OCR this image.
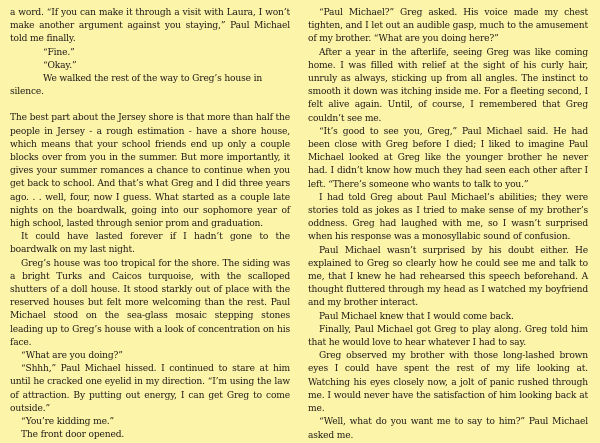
a word. “If you can make it through a visit with Laura, I won’t make another argument against you staying,” Paul Michael told me finally.

“Fine.”

“Okay.”

We walked the rest of the way to Greg’s house in silence.

The best part about the Jersey shore is that more than half the people in Jersey - a rough estimation - have a shore house, which means that your school friends end up only a couple blocks over from you in the summer. But more importantly, it gives your summer romances a chance to continue when you get back to school. And that’s what Greg and I did three years ago. . . well, four, now I guess. What started as a couple late nights on the boardwalk, going into our sophomore year of high school, lasted through senior prom and graduation.

It could have lasted forever if I hadn’t gone to the boardwalk on my last night.

Greg’s house was too tropical for the shore. The siding was a bright Turks and Caicos turquoise, with the scalloped shutters of a doll house. It stood starkly out of place with the reserved houses but felt more welcoming than the rest. Paul Michael stood on the sea-glass mosaic stepping stones leading up to Greg’s house with a look of concentration on his face.

“What are you doing?”

“Shhh,” Paul Michael hissed. I continued to stare at him until he cracked one eyelid in my direction. “I’m using the law of attraction. By putting out energy, I can get Greg to come outside.”

“You’re kidding me.”

The front door opened.

“Paul Michael?” Greg asked. His voice made my chest tighten, and I let out an audible gasp, much to the amusement of my brother. “What are you doing here?”

After a year in the afterlife, seeing Greg was like coming home. I was filled with relief at the sight of his curly hair, unruly as always, sticking up from all angles. The instinct to smooth it down was itching inside me. For a fleeting second, I felt alive again. Until, of course, I remembered that Greg couldn’t see me.

“It’s good to see you, Greg,” Paul Michael said. He had been close with Greg before I died; I liked to imagine Paul Michael looked at Greg like the younger brother he never had. I didn’t know how much they had seen each other after I left. “There’s someone who wants to talk to you.”

I had told Greg about Paul Michael’s abilities; they were stories told as jokes as I tried to make sense of my brother’s oddness. Greg had laughed with me, so I wasn’t surprised when his response was a monosyllabic sound of confusion.

Paul Michael wasn’t surprised by his doubt either. He explained to Greg so clearly how he could see me and talk to me, that I knew he had rehearsed this speech beforehand. A thought fluttered through my head as I watched my boyfriend and my brother interact.

Paul Michael knew that I would come back.

Finally, Paul Michael got Greg to play along. Greg told him that he would love to hear whatever I had to say.

Greg observed my brother with those long-lashed brown eyes I could have spent the rest of my life looking at. Watching his eyes closely now, a jolt of panic rushed through me. I would never have the satisfaction of him looking back at me.

“Well, what do you want me to say to him?” Paul Michael asked me.
